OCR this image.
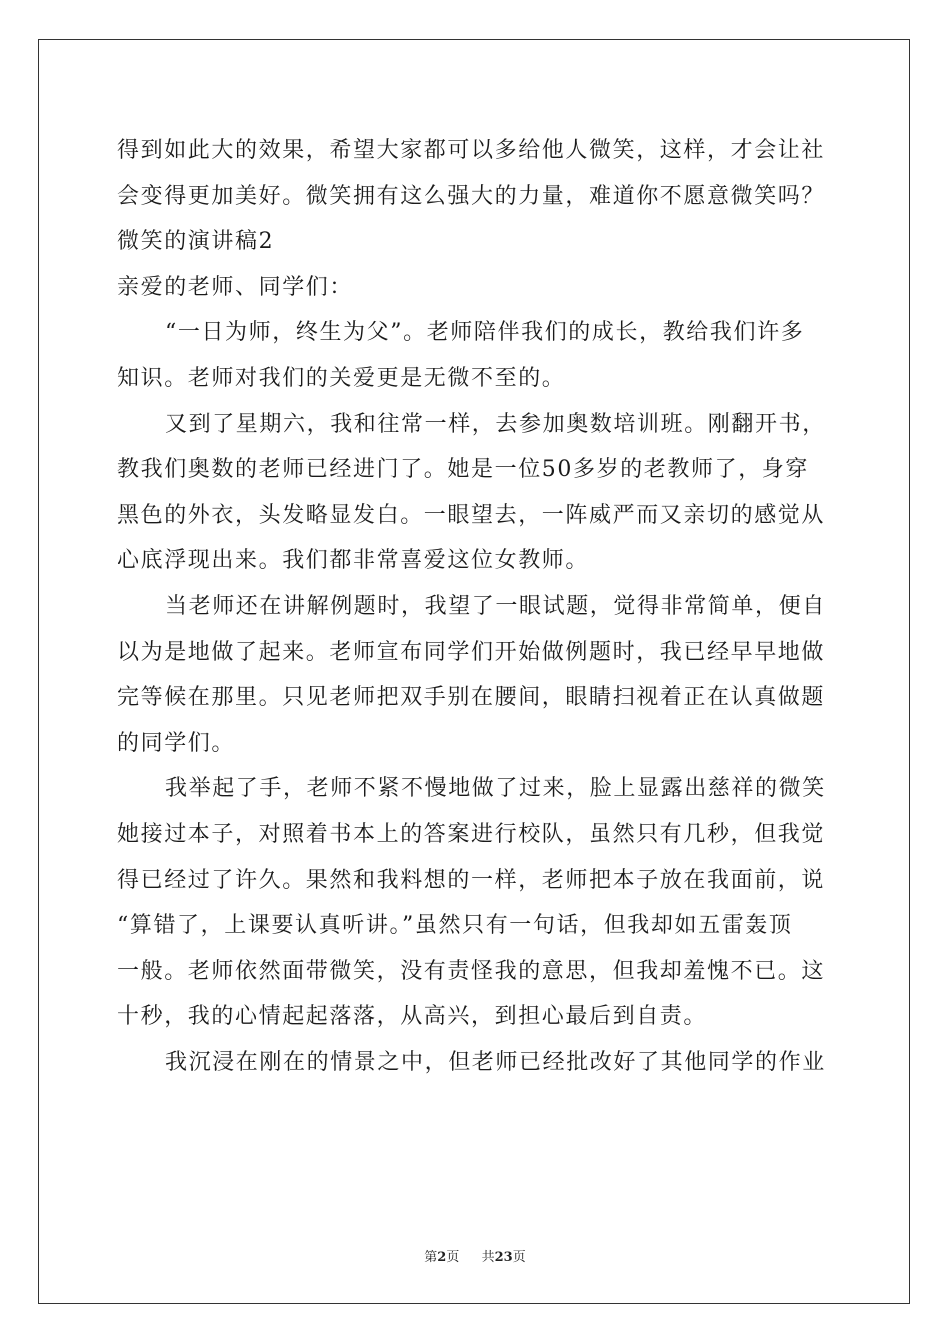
得到如此大的效果，希望大家都可以多给他人微笑，这样，才会让社
会变得更加美好。微笑拥有这么强大的力量，难道你不愿意微笑吗？
微笑的演讲稿2
亲爱的老师、同学们：
“一日为师，终生为父”。老师陪伴我们的成长，教给我们许多
知识。老师对我们的关爱更是无微不至的。
又到了星期六，我和往常一样，去参加奥数培训班。刚翻开书，
教我们奥数的老师已经进门了。她是一位50多岁的老教师了，身穿
黑色的外衣，头发略显发白。一眼望去，一阵威严而又亲切的感觉从
心底浮现出来。我们都非常喜爱这位女教师。
当老师还在讲解例题时，我望了一眼试题，觉得非常简单，便自
以为是地做了起来。老师宣布同学们开始做例题时，我已经早早地做
完等候在那里。只见老师把双手别在腰间，眼睛扫视着正在认真做题
的同学们。
我举起了手，老师不紧不慢地做了过来，脸上显露出慈祥的微笑
她接过本子，对照着书本上的答案进行校队，虽然只有几秒，但我觉
得已经过了许久。果然和我料想的一样，老师把本子放在我面前，说
“算错了，上课要认真听讲。”虽然只有一句话，但我却如五雷轰顶
一般。老师依然面带微笑，没有责怪我的意思，但我却羞愧不已。这
十秒，我的心情起起落落，从高兴，到担心最后到自责。
我沉浸在刚在的情景之中，但老师已经批改好了其他同学的作业
第2页 共23页
